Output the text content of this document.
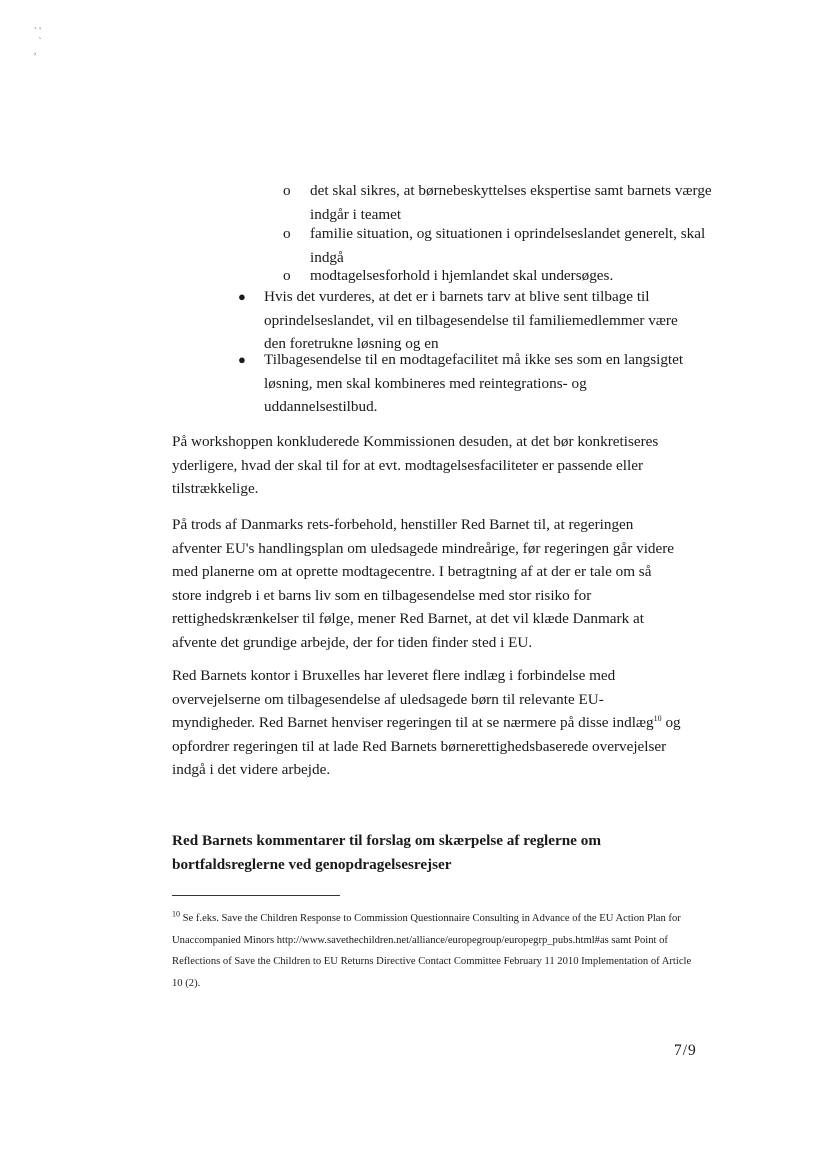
` '
`
,
o det skal sikres, at børnebeskyttelses ekspertise samt barnets værge indgår i teamet
o familie situation, og situationen i oprindelseslandet generelt, skal indgå
o modtagelsesforhold i hjemlandet skal undersøges.
● Hvis det vurderes, at det er i barnets tarv at blive sent tilbage til oprindelseslandet, vil en tilbagesendelse til familiemedlemmer være den foretrukne løsning og en
● Tilbagesendelse til en modtagefacilitet må ikke ses som en langsigtet løsning, men skal kombineres med reintegrations- og uddannelsestilbud.

På workshoppen konkluderede Kommissionen desuden, at det bør konkretiseres yderligere, hvad der skal til for at evt. modtagelsesfaciliteter er passende eller tilstrækkelige.

På trods af Danmarks rets-forbehold, henstiller Red Barnet til, at regeringen afventer EU's handlingsplan om uledsagede mindreårige, før regeringen går videre med planerne om at oprette modtagecentre. I betragtning af at der er tale om så store indgreb i et barns liv som en tilbagesendelse med stor risiko for rettighedskrænkelser til følge, mener Red Barnet, at det vil klæde Danmark at afvente det grundige arbejde, der for tiden finder sted i EU.

Red Barnets kontor i Bruxelles har leveret flere indlæg i forbindelse med overvejelserne om tilbagesendelse af uledsagede børn til relevante EU-myndigheder. Red Barnet henviser regeringen til at se nærmere på disse indlæg$^{10}$ og opfordrer regeringen til at lade Red Barnets børnerettighedsbaserede overvejelser indgå i det videre arbejde.

Red Barnets kommentarer til forslag om skærpelse af reglerne om bortfaldsreglerne ved genopdragelsesrejser
$^{10}$ Se f.eks. Save the Children Response to Commission Questionnaire Consulting in Advance of the EU Action Plan for Unaccompanied Minors http://www.savethechildren.net/alliance/europegroup/europegrp_pubs.html#as samt Point of Reflections of Save the Children to EU Returns Directive Contact Committee February 11 2010 Implementation of Article 10 (2).
7/9
